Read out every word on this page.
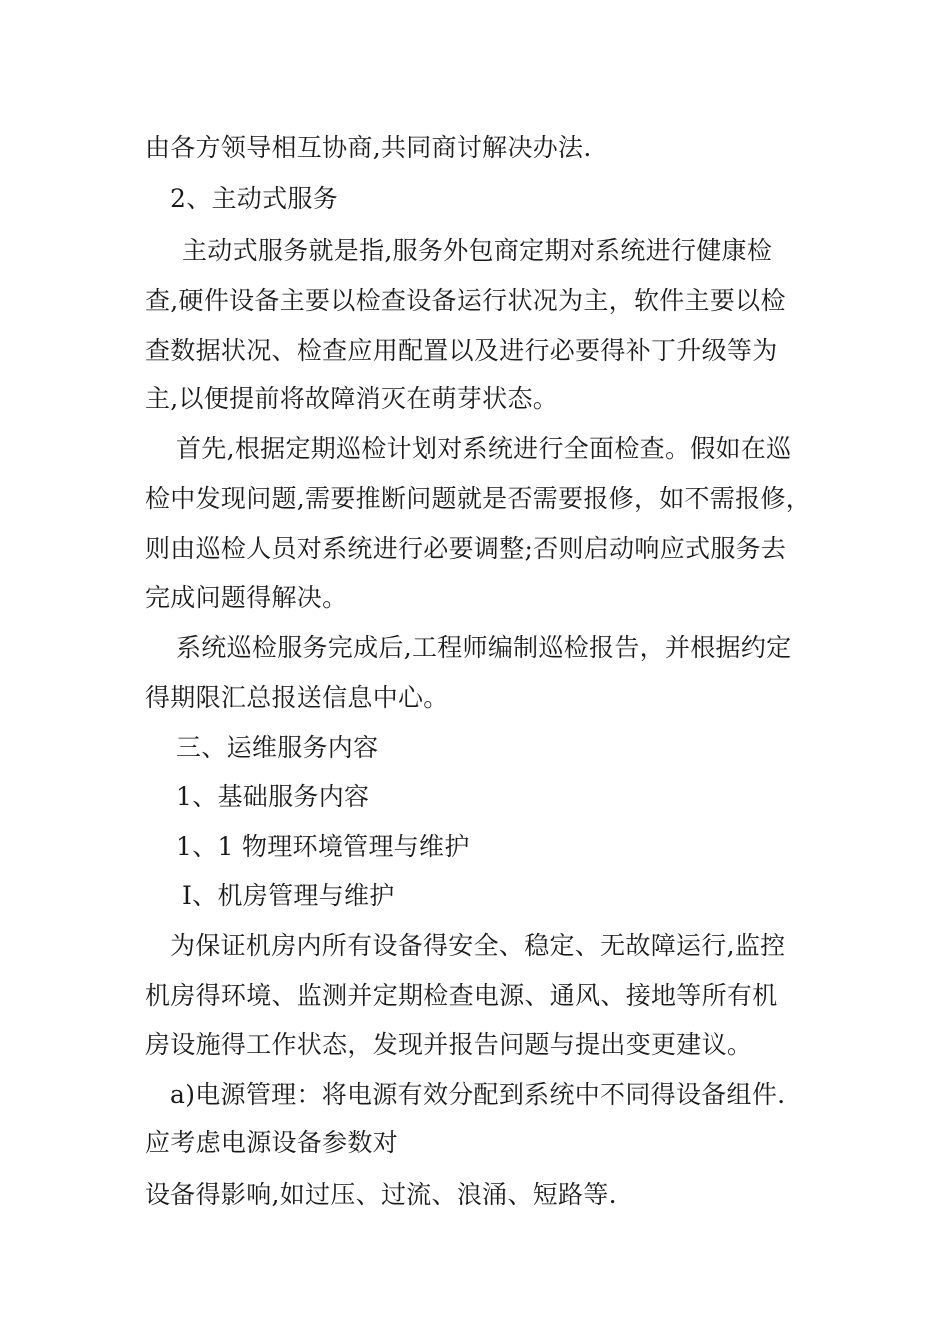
由各方领导相互协商,共同商讨解决办法.
2、主动式服务
主动式服务就是指,服务外包商定期对系统进行健康检
查,硬件设备主要以检查设备运行状况为主，软件主要以检
查数据状况、检查应用配置以及进行必要得补丁升级等为
主,以便提前将故障消灭在萌芽状态。
首先,根据定期巡检计划对系统进行全面检查。假如在巡
检中发现问题,需要推断问题就是否需要报修，如不需报修，
则由巡检人员对系统进行必要调整;否则启动响应式服务去
完成问题得解决。
系统巡检服务完成后,工程师编制巡检报告，并根据约定
得期限汇总报送信息中心。
三、运维服务内容
1、基础服务内容
1、1 物理环境管理与维护
Ⅰ、机房管理与维护
为保证机房内所有设备得安全、稳定、无故障运行,监控
机房得环境、监测并定期检查电源、通风、接地等所有机
房设施得工作状态，发现并报告问题与提出变更建议。
a)电源管理：将电源有效分配到系统中不同得设备组件.
应考虑电源设备参数对
设备得影响,如过压、过流、浪涌、短路等.
